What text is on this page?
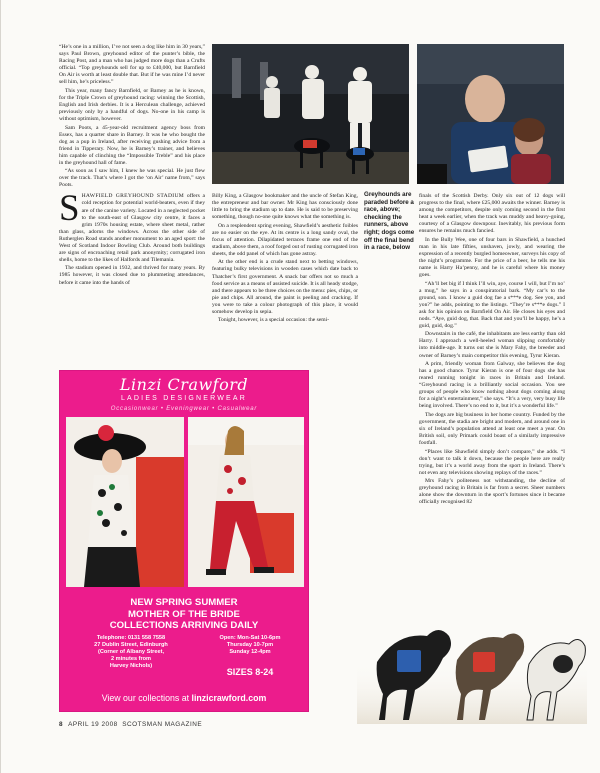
“He’s one in a million, I’ve not seen a dog like him in 30 years,” says Paul Brown, greyhound editor of the punter’s bible, the Racing Post, and a man who has judged more dogs than a Crufts official. “Top greyhounds sell for up to £40,000, but Barnfield On Air is worth at least double that. But if he was mine I’d never sell him, he’s priceless.”

This year, many fancy Barnfield, or Barney as he is known, for the Triple Crown of greyhound racing: winning the Scottish, English and Irish derbies. It is a Herculean challenge, achieved previously only by a handful of dogs. No-one in his camp is without optimism, however.

Sam Poots, a 45-year-old recruitment agency boss from Essex, has a quarter share in Barney. It was he who bought the dog as a pup in Ireland, after receiving gushing advice from a friend in Tipperary. Now, he is Barney’s trainer, and believes him capable of clinching the “Impossible Treble” and his place in the greyhound hall of fame.

“As soon as I saw him, I knew he was special. He just flew over the track. That’s where I got the ‘on Air’ name from,” says Poots.

SHAWFIELD GREYHOUND STADIUM offers a cold reception for potential world-beaters, even if they are of the canine variety. Located in a neglected pocket to the south-east of Glasgow city centre, it faces a grim 1970s housing estate, where sheet metal, rather than glass, adorns the windows. Across the other side of Rutherglen Road stands another monument to an aged sport: the West of Scotland Indoor Bowling Club. Around both buildings are signs of encroaching retail park anonymity; corrugated iron shells, home to the likes of Halfords and Tilemania.

The stadium opened in 1932, and thrived for many years. By 1985 however, it was closed due to plummeting attendances, before it came into the hands of

Billy King, a Glasgow bookmaker and the uncle of Stefan King, the entrepreneur and bar owner. Mr King has consciously done little to bring the stadium up to date. He is said to be preserving something, though no-one quite knows what the something is.

On a resplendent spring evening, Shawfield’s aesthetic foibles are no easier on the eye. At its centre is a long sandy oval, the focus of attention. Dilapidated terraces frame one end of the stadium, above them, a roof forged out of rusting corrugated iron sheets, the odd panel of which has gone astray.

At the other end is a crude stand next to betting windows, featuring bulky televisions in wooden cases which date back to Thatcher’s first government. A snack bar offers not so much a food service as a means of assisted suicide. It is all heady stodge, and there appears to be three choices on the menu: pies, chips, or pie and chips. All around, the paint is peeling and cracking. If you were to take a colour photograph of this place, it would somehow develop in sepia.

Tonight, however, is a special occasion: the semi-

Greyhounds are paraded before a race, above; checking the runners, above right; dogs come off the final bend in a race, below

finals of the Scottish Derby. Only six out of 12 dogs will progress to the final, where £25,000 awaits the winner. Barney is among the competitors, despite only coming second in the first heat a week earlier, when the track was muddy and heavy-going, courtesy of a Glasgow downpour. Inevitably, his previous form ensures he remains much fancied.

In the Bully Wee, one of four bars in Shawfield, a hunched man in his late fifties, unshaven, jowly, and wearing the expression of a recently burgled homeowner, surveys his copy of the night’s programme. For the price of a beer, he tells me his name is Harry Ha’penny, and he is careful where his money goes.

“Ah’ll bet big if I think I’ll win, aye, course I will, but I’m no’ a mug,” he says in a conspiratorial bark. “My car’s to the ground, son. I know a guid dog fae a s***e dog. See yon, and yon?” he adds, pointing to the listings. “They’re s***e dogs.” I ask for his opinion on Barnfield On Air. He closes his eyes and nods. “Aye, guid dog, that. Back that and you’ll be happy, he’s a guid, guid, dog.”

Downstairs in the café, the inhabitants are less earthy than old Harry. I approach a well-heeled woman slipping comfortably into middle-age. It turns out she is Mary Fahy, the breeder and owner of Barney’s main competitor this evening, Tyrur Kieran.

A prim, friendly woman from Galway, she believes the dog has a good chance. Tyrur Kieran is one of four dogs she has reared running tonight in races in Britain and Ireland. “Greyhound racing is a brilliantly social occasion. You see groups of people who know nothing about dogs coming along for a night’s entertainment,” she says. “It’s a very, very busy life being involved. There’s no end to it, but it’s a wonderful life.”

The dogs are big business in her home country. Funded by the government, the stadia are bright and modern, and around one in six of Ireland’s population attend at least one meet a year. On British soil, only Primark could boast of a similarly impressive footfall.

“Places like Shawfield simply don’t compare,” she adds. “I don’t want to talk it down, because the people here are really trying, but it’s a world away from the sport in Ireland. There’s not even any televisions showing replays of the races.”

Mrs Fahy’s politeness not withstanding, the decline of greyhound racing in Britain is far from a secret. Sheer numbers alone show the downturn in the sport’s fortunes since it became officially recognised 82

Linzi Crawford
LADIES DESIGNERWEAR
Occasionwear • Eveningwear • Casualwear
NEW SPRING SUMMER
MOTHER OF THE BRIDE
COLLECTIONS ARRIVING DAILY
Telephone: 0131 558 7558
27 Dublin Street, Edinburgh
(Corner of Albany Street,
2 minutes from
Harvey Nichols)
Open: Mon-Sat 10-6pm
Thursday 10-7pm
Sunday 12-4pm
SIZES 8-24
View our collections at linzicrawford.com
8 APRIL 19 2008 SCOTSMAN MAGAZINE
